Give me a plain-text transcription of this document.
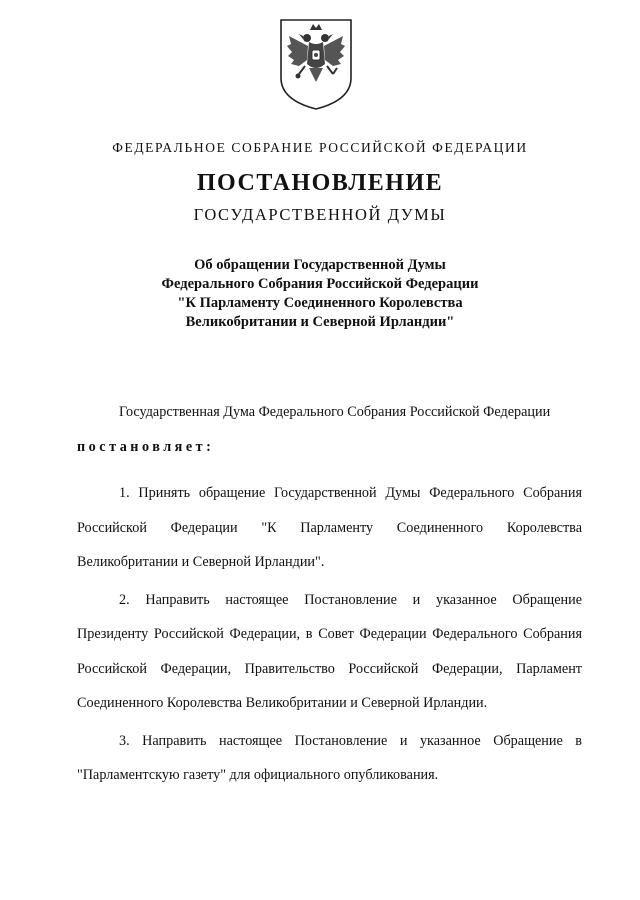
ФЕДЕРАЛЬНОЕ СОБРАНИЕ РОССИЙСКОЙ ФЕДЕРАЦИИ
ПОСТАНОВЛЕНИЕ
ГОСУДАРСТВЕННОЙ ДУМЫ
Об обращении Государственной Думы
Федерального Собрания Российской Федерации
"К Парламенту Соединенного Королевства
Великобритании и Северной Ирландии"

Государственная Дума Федерального Собрания Российской Федерации

постановляет:

1. Принять обращение Государственной Думы Федерального Собрания Российской Федерации "К Парламенту Соединенного Королевства Великобритании и Северной Ирландии".

2. Направить настоящее Постановление и указанное Обращение Президенту Российской Федерации, в Совет Федерации Федерального Собрания Российской Федерации, Правительство Российской Федерации, Парламент Соединенного Королевства Великобритании и Северной Ирландии.

3. Направить настоящее Постановление и указанное Обращение в "Парламентскую газету" для официального опубликования.
